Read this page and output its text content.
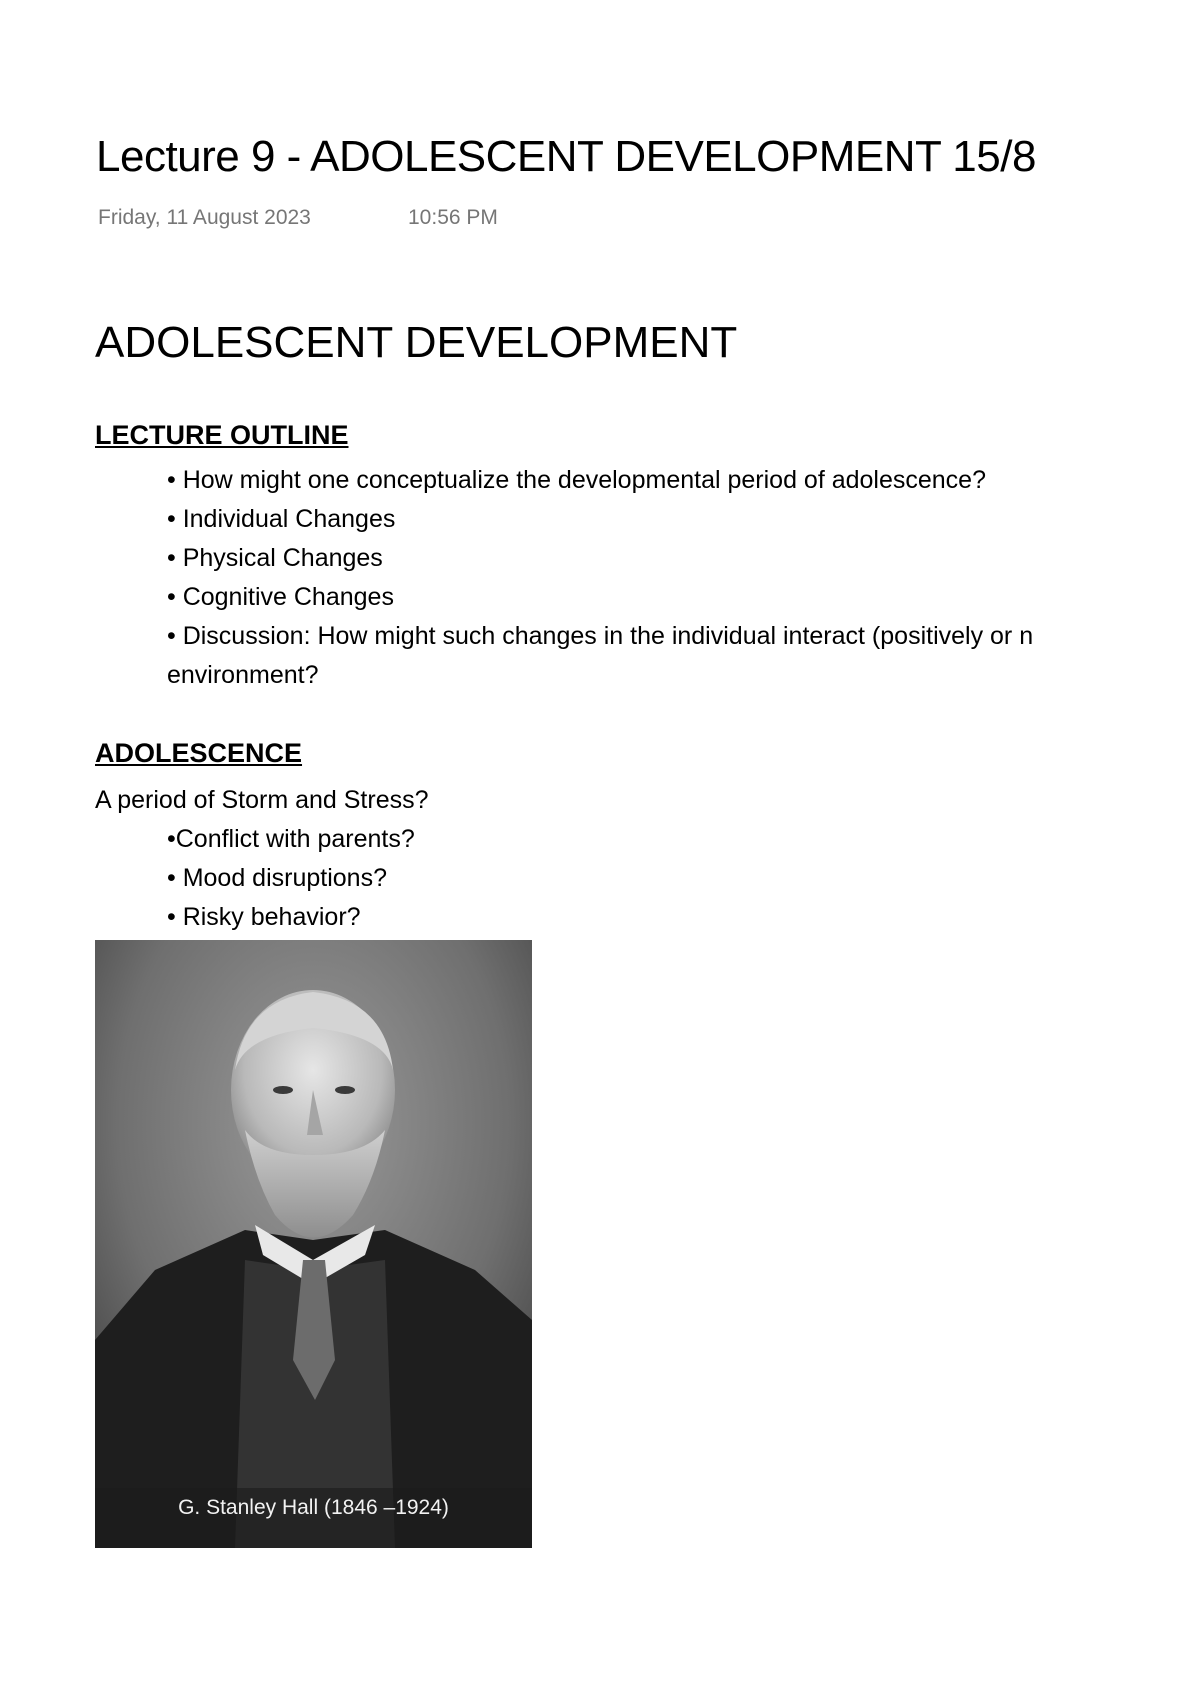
Lecture 9 - ADOLESCENT DEVELOPMENT 15/8
Friday, 11 August 2023	10:56 PM
ADOLESCENT DEVELOPMENT
LECTURE OUTLINE
• How might one conceptualize the developmental period of adolescence?
• Individual Changes
• Physical Changes
• Cognitive Changes
• Discussion: How might such changes in the individual interact (positively or n
environment?
ADOLESCENCE
A period of Storm and Stress?
•Conflict with parents?
• Mood disruptions?
• Risky behavior?
G. Stanley Hall (1846 –1924)
